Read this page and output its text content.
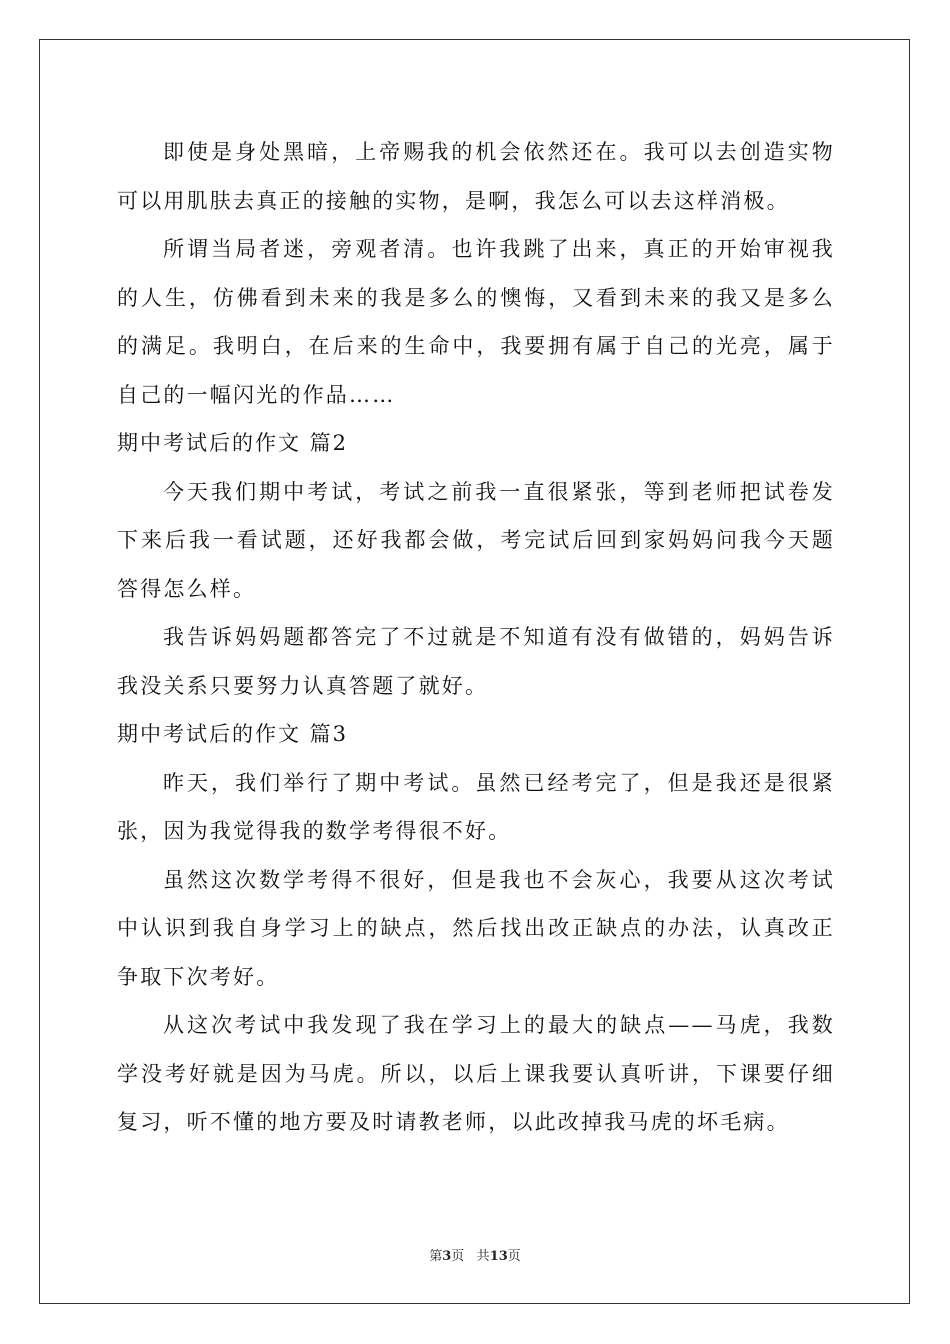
即使是身处黑暗，上帝赐我的机会依然还在。我可以去创造实物可以用肌肤去真正的接触的实物，是啊，我怎么可以去这样消极。

所谓当局者迷，旁观者清。也许我跳了出来，真正的开始审视我的人生，仿佛看到未来的我是多么的懊悔，又看到未来的我又是多么的满足。我明白，在后来的生命中，我要拥有属于自己的光亮，属于自己的一幅闪光的作品……

期中考试后的作文 篇2

今天我们期中考试，考试之前我一直很紧张，等到老师把试卷发下来后我一看试题，还好我都会做，考完试后回到家妈妈问我今天题答得怎么样。

我告诉妈妈题都答完了不过就是不知道有没有做错的，妈妈告诉我没关系只要努力认真答题了就好。

期中考试后的作文 篇3

昨天，我们举行了期中考试。虽然已经考完了，但是我还是很紧张，因为我觉得我的数学考得很不好。

虽然这次数学考得不很好，但是我也不会灰心，我要从这次考试中认识到我自身学习上的缺点，然后找出改正缺点的办法，认真改正争取下次考好。

从这次考试中我发现了我在学习上的最大的缺点——马虎，我数学没考好就是因为马虎。所以，以后上课我要认真听讲，下课要仔细复习，听不懂的地方要及时请教老师，以此改掉我马虎的坏毛病。

第3页 共13页
